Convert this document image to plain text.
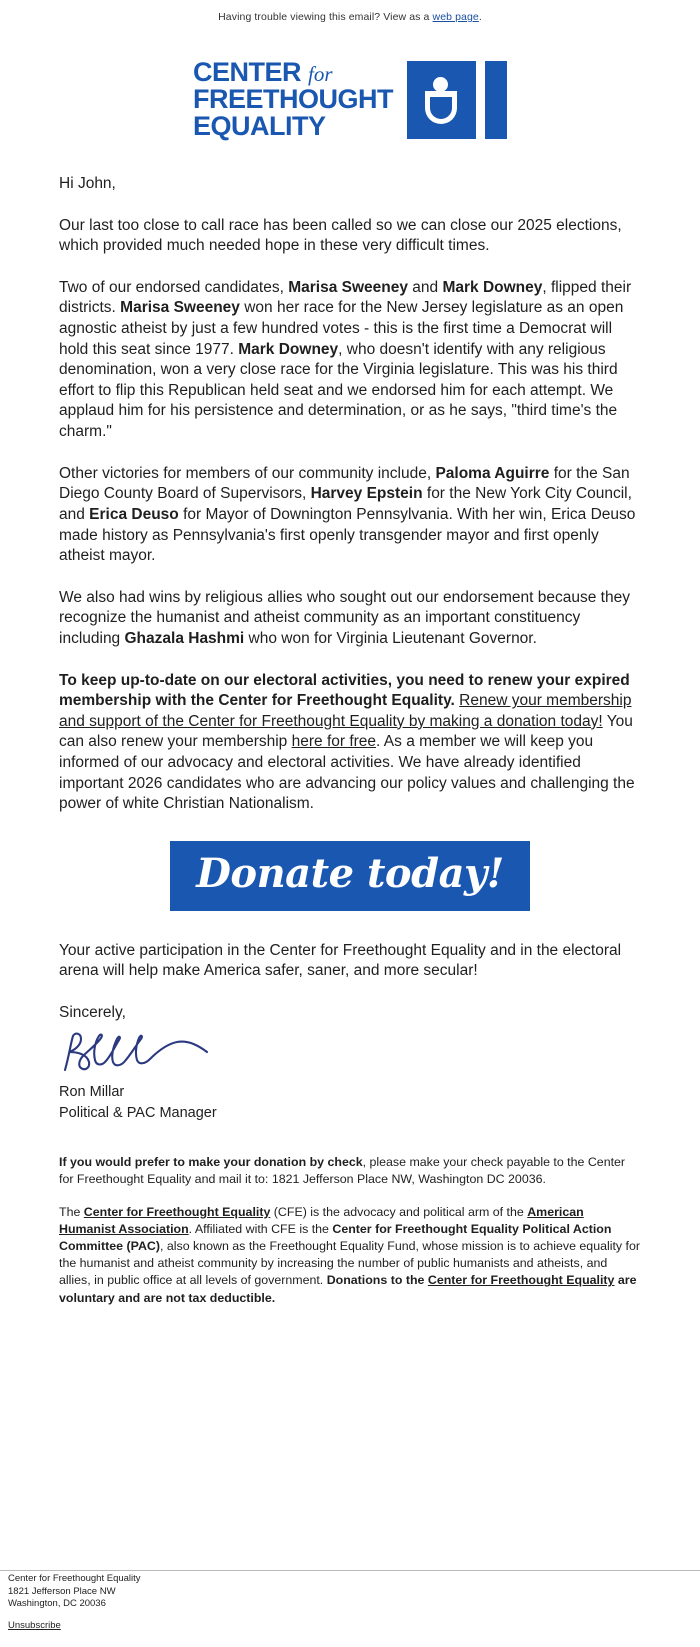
Having trouble viewing this email? View as a web page.
CENTER for
FREETHOUGHT
EQUALITY

Hi John,

Our last too close to call race has been called so we can close our 2025 elections, which provided much needed hope in these very difficult times.

Two of our endorsed candidates, Marisa Sweeney and Mark Downey, flipped their districts. Marisa Sweeney won her race for the New Jersey legislature as an open agnostic atheist by just a few hundred votes - this is the first time a Democrat will hold this seat since 1977. Mark Downey, who doesn't identify with any religious denomination, won a very close race for the Virginia legislature. This was his third effort to flip this Republican held seat and we endorsed him for each attempt. We applaud him for his persistence and determination, or as he says, "third time's the charm."

Other victories for members of our community include, Paloma Aguirre for the San Diego County Board of Supervisors, Harvey Epstein for the New York City Council, and Erica Deuso for Mayor of Downington Pennsylvania. With her win, Erica Deuso made history as Pennsylvania's first openly transgender mayor and first openly atheist mayor.

We also had wins by religious allies who sought out our endorsement because they recognize the humanist and atheist community as an important constituency including Ghazala Hashmi who won for Virginia Lieutenant Governor.

To keep up-to-date on our electoral activities, you need to renew your expired membership with the Center for Freethought Equality. Renew your membership and support of the Center for Freethought Equality by making a donation today! You can also renew your membership here for free. As a member we will keep you informed of our advocacy and electoral activities. We have already identified important 2026 candidates who are advancing our policy values and challenging the power of white Christian Nationalism.

Donate today!

Your active participation in the Center for Freethought Equality and in the electoral arena will help make America safer, saner, and more secular!

Sincerely,
Ron Millar
Political & PAC Manager

If you would prefer to make your donation by check, please make your check payable to the Center for Freethought Equality and mail it to: 1821 Jefferson Place NW, Washington DC 20036.

The Center for Freethought Equality (CFE) is the advocacy and political arm of the American Humanist Association. Affiliated with CFE is the Center for Freethought Equality Political Action Committee (PAC), also known as the Freethought Equality Fund, whose mission is to achieve equality for the humanist and atheist community by increasing the number of public humanists and atheists, and allies, in public office at all levels of government. Donations to the Center for Freethought Equality are voluntary and are not tax deductible.

Center for Freethought Equality
1821 Jefferson Place NW
Washington, DC 20036
Unsubscribe
